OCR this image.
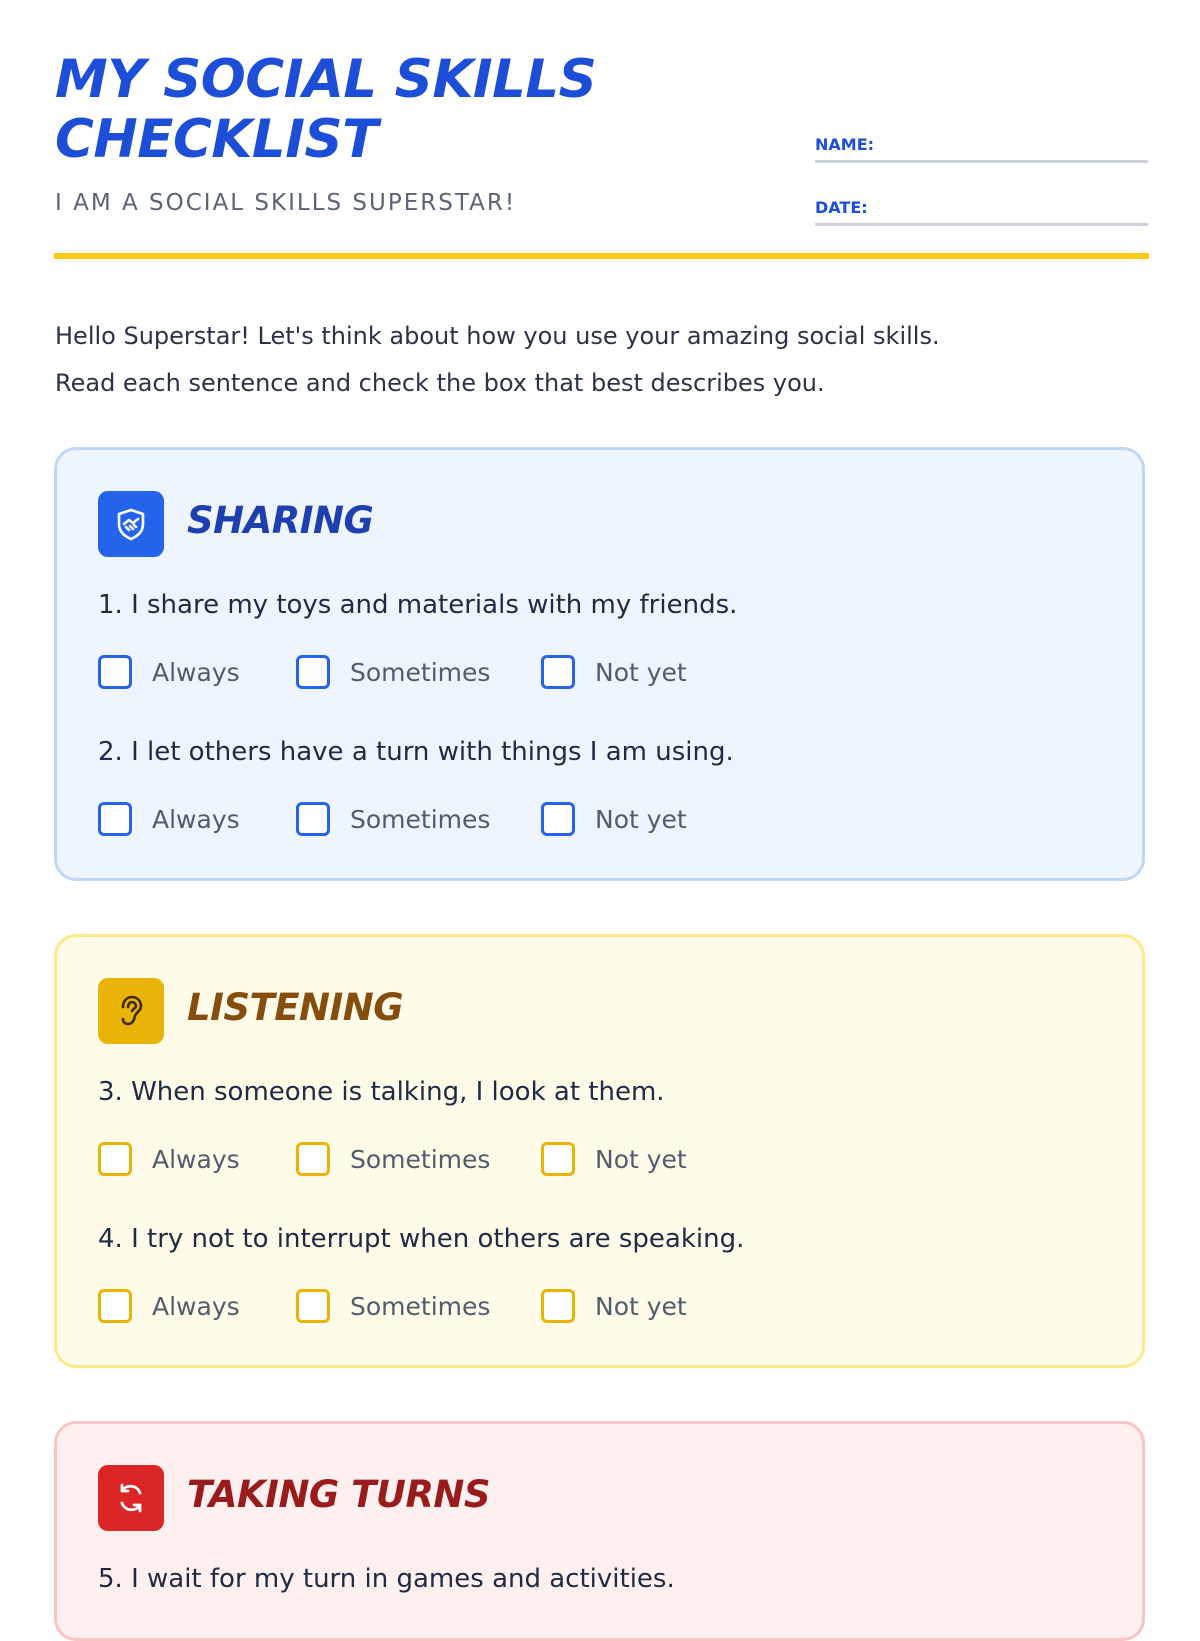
MY SOCIAL SKILLS
CHECKLIST
I AM A SOCIAL SKILLS SUPERSTAR!
NAME:
DATE:
Hello Superstar! Let's think about how you use your amazing social skills.
Read each sentence and check the box that best describes you.
SHARING
1. I share my toys and materials with my friends.
Always	Sometimes	Not yet
2. I let others have a turn with things I am using.
Always	Sometimes	Not yet
LISTENING
3. When someone is talking, I look at them.
Always	Sometimes	Not yet
4. I try not to interrupt when others are speaking.
Always	Sometimes	Not yet
TAKING TURNS
5. I wait for my turn in games and activities.
